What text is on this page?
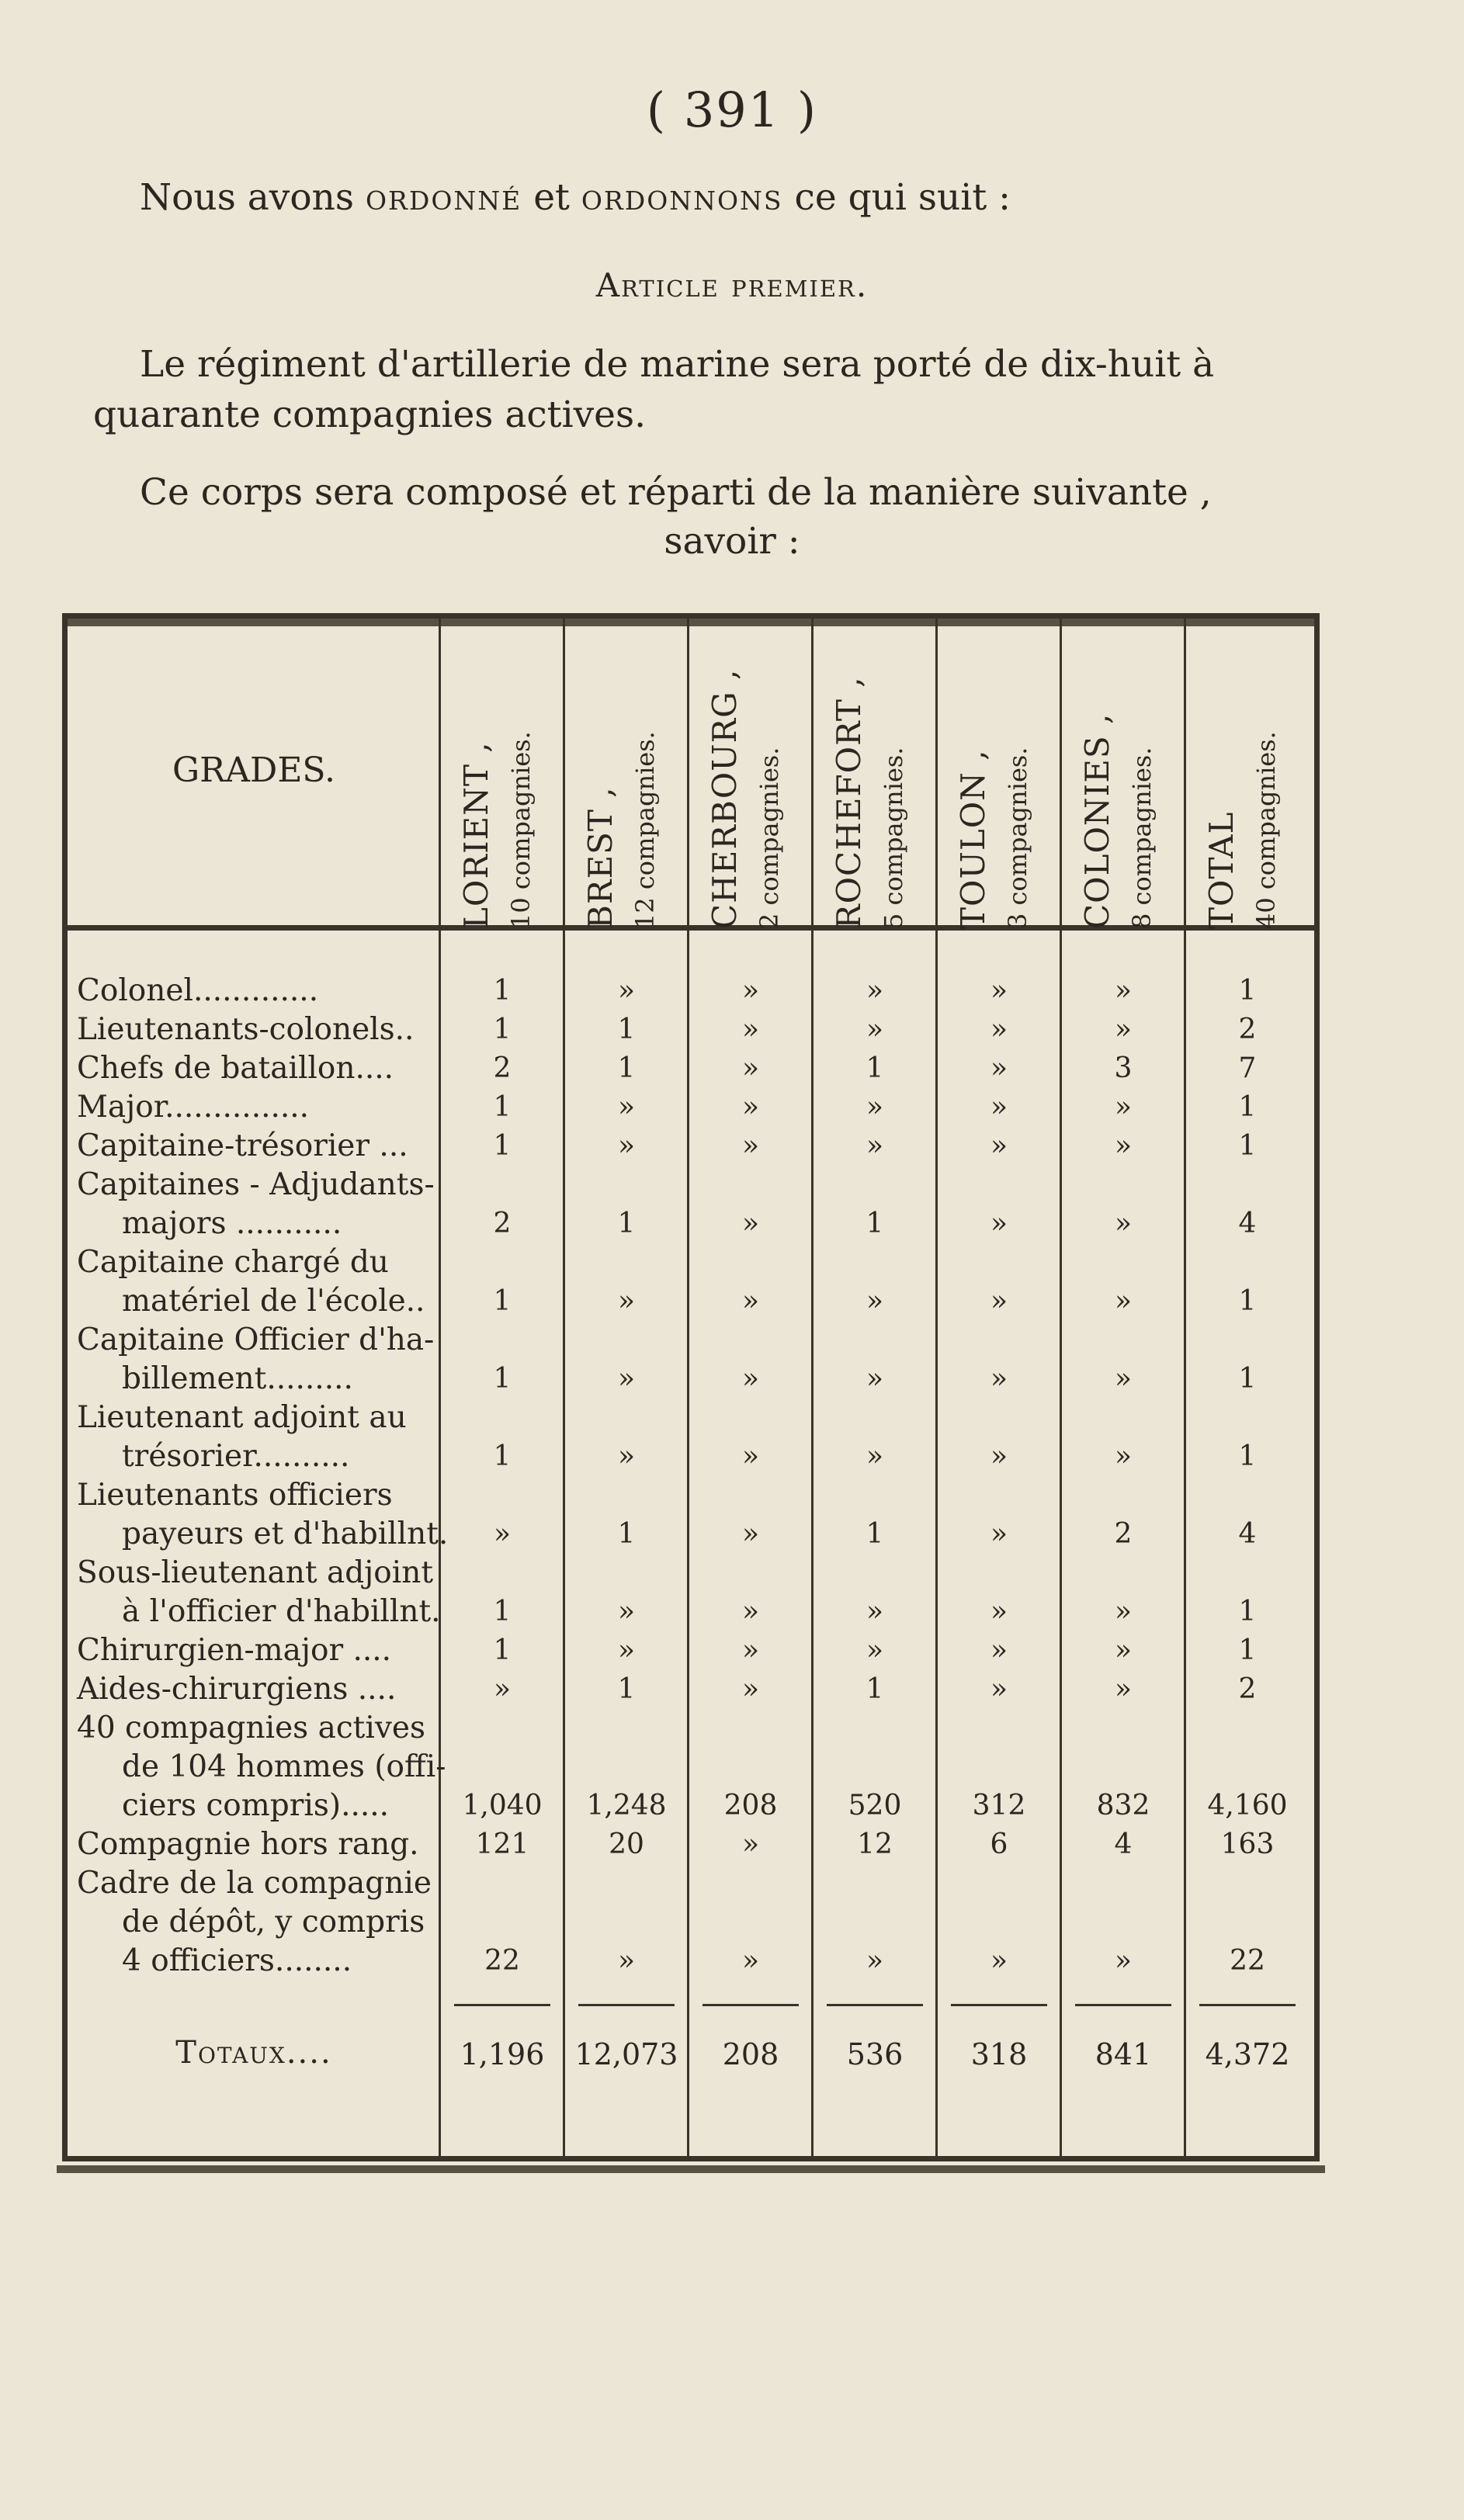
( 391 )
Nous avons ordonné et ordonnons ce qui suit :
Article premier.
Le régiment d'artillerie de marine sera porté de dix-huit à
quarante compagnies actives.
Ce corps sera composé et réparti de la manière suivante ,
savoir :
GRADES.	LORIENT , 10 compagnies. BREST , 12 compagnies. CHERBOURG , 2 compagnies. ROCHEFORT , 5 compagnies. TOULON , 3 compagnies. COLONIES , 8 compagnies. TOTAL 40 compagnies.
Colonel.............	1	»	»	»	»	»	1
Lieutenants-colonels..	1	1	»	»	»	»	2
Chefs de bataillon....	2	1	»	1	»	3	7
Major...............	1	»	»	»	»	»	1
Capitaine-trésorier ...	1	»	»	»	»	»	1
Capitaines - Adjudants-
majors ...........	2	1	»	1	»	»	4
Capitaine chargé du
matériel de l'école..	1	»	»	»	»	»	1
Capitaine Officier d'ha-
billement.........	1	»	»	»	»	»	1
Lieutenant adjoint au
trésorier..........	1	»	»	»	»	»	1
Lieutenants officiers
payeurs et d'habillnt.	»	1	»	1	»	2	4
Sous-lieutenant adjoint
à l'officier d'habillnt.	1	»	»	»	»	»	1
Chirurgien-major ....	1	»	»	»	»	»	1
Aides-chirurgiens ....	»	1	»	1	»	»	2
40 compagnies actives
de 104 hommes (offi-
ciers compris).....	1,040	1,248	208	520	312	832	4,160
Compagnie hors rang.	121	20	»	12	6	4	163
Cadre de la compagnie
de dépôt, y compris
4 officiers........	22	»	»	»	»	»	22
Totaux....	1,196	12,073	208	536	318	841	4,372
